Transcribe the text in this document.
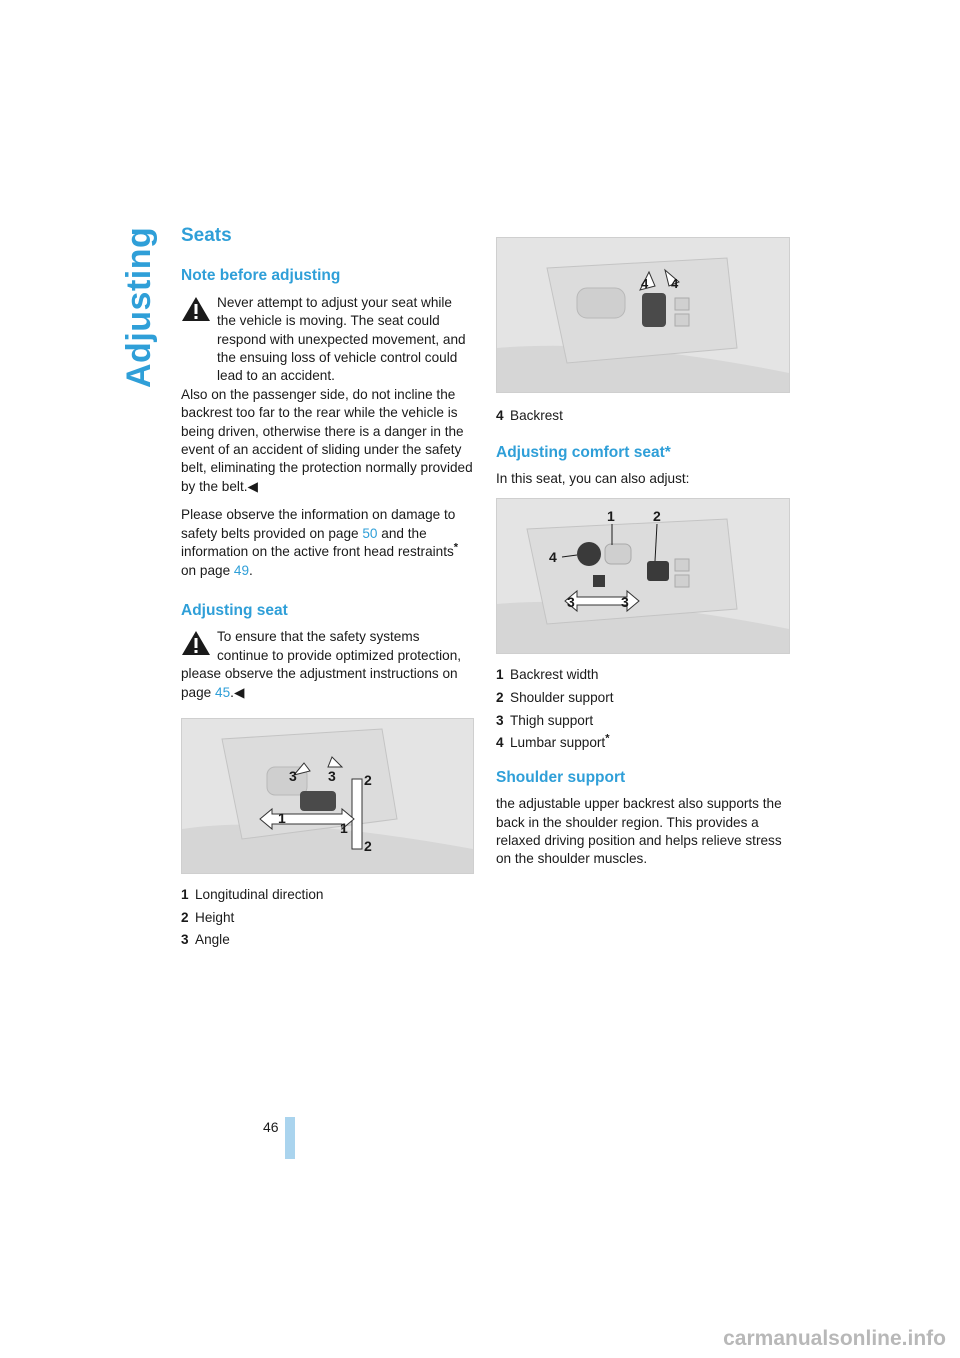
Adjusting Seats
Note before adjusting

Never attempt to adjust your seat while the vehicle is moving. The seat could respond with unexpected movement, and the ensuing loss of vehicle control could lead to an accident.

Also on the passenger side, do not incline the backrest too far to the rear while the vehicle is being driven, otherwise there is a danger in the event of an accident of sliding under the safety belt, eliminating the protection normally provided by the belt.◀

Please observe the information on damage to safety belts provided on page 50 and the information on the active front head restraints* on page 49.

Adjusting seat

To ensure that the safety systems continue to provide optimized protection, please observe the adjustment instructions on page 45.◀

3 3 2
2
1
1
1 Longitudinal direction
2 Height
3 Angle
4 4
4 Backrest
Adjusting comfort seat*

In this seat, you can also adjust:

1	2
4
3	3
1 Backrest width
2 Shoulder support
3 Thigh support
4 Lumbar support*
Shoulder support

the adjustable upper backrest also supports the back in the shoulder region. This provides a relaxed driving position and helps relieve stress on the shoulder muscles.

46
carmanualsonline.info
